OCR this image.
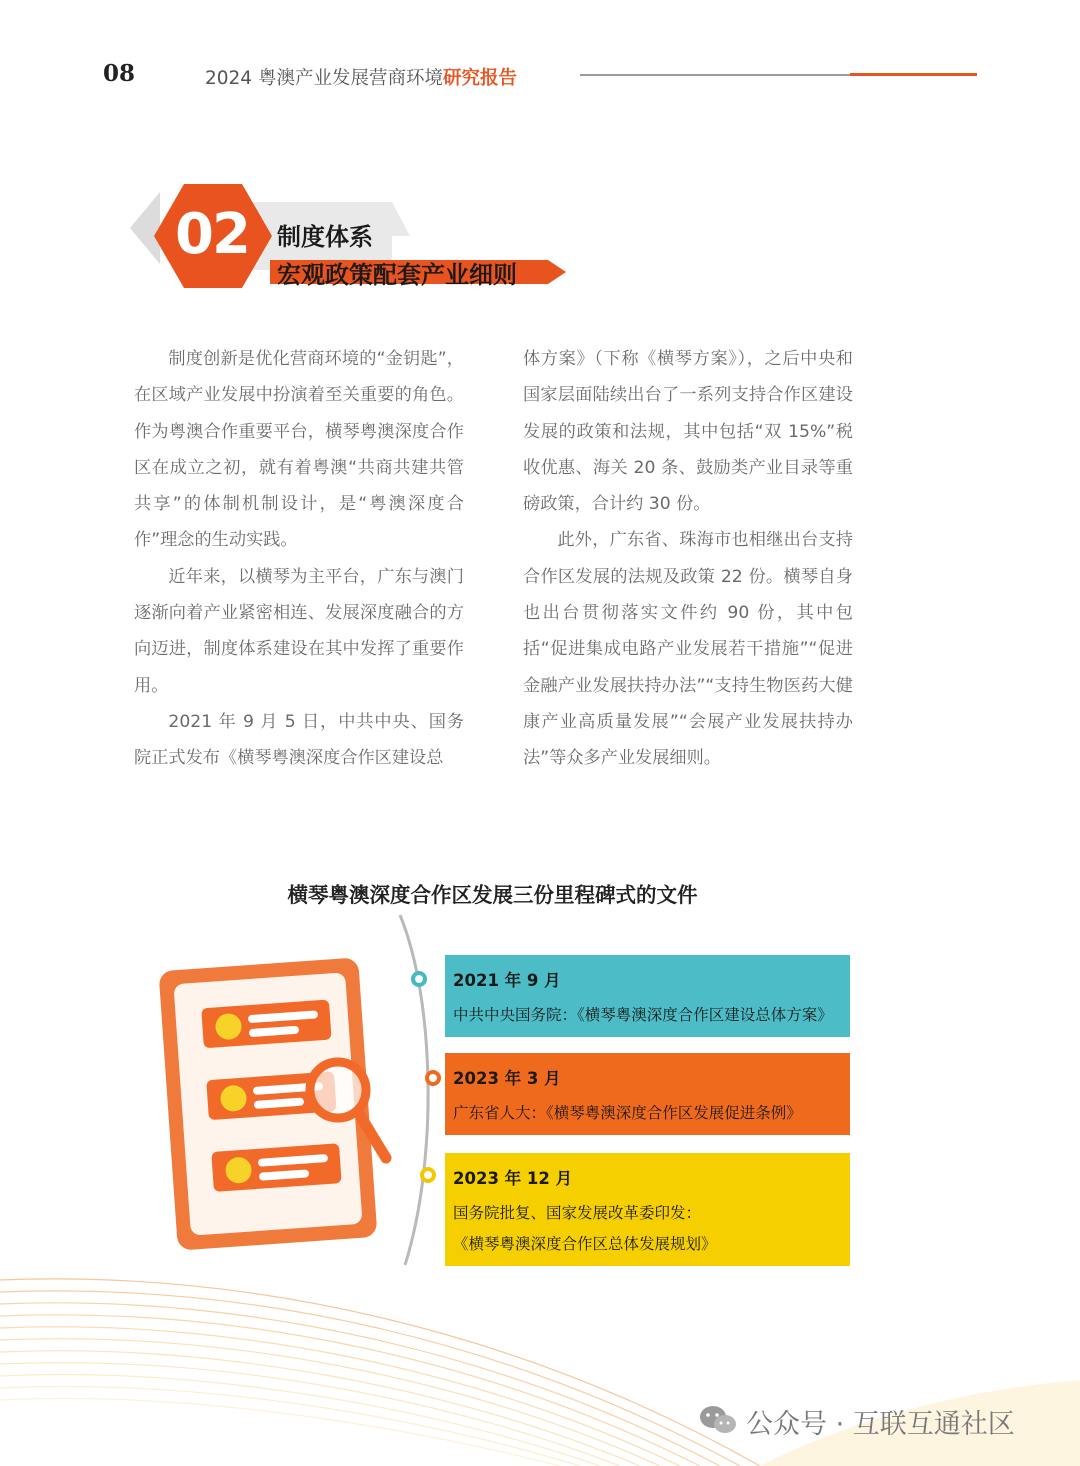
08	2024 粤澳产业发展营商环境研究报告
02 制度体系
宏观政策配套产业细则

制度创新是优化营商环境的“金钥匙”，在区域产业发展中扮演着至关重要的角色。作为粤澳合作重要平台，横琴粤澳深度合作区在成立之初，就有着粤澳“共商共建共管共享”的体制机制设计，是“粤澳深度合作”理念的生动实践。

近年来，以横琴为主平台，广东与澳门逐渐向着产业紧密相连、发展深度融合的方向迈进，制度体系建设在其中发挥了重要作用。

2021 年 9 月 5 日，中共中央、国务院正式发布《横琴粤澳深度合作区建设总

体方案》（下称《横琴方案》），之后中央和国家层面陆续出台了一系列支持合作区建设发展的政策和法规，其中包括“双 15%”税收优惠、海关 20 条、鼓励类产业目录等重磅政策，合计约 30 份。

此外，广东省、珠海市也相继出台支持合作区发展的法规及政策 22 份。横琴自身也出台贯彻落实文件约 90 份，其中包括“促进集成电路产业发展若干措施”“促进金融产业发展扶持办法”“支持生物医药大健康产业高质量发展”“会展产业发展扶持办法”等众多产业发展细则。

横琴粤澳深度合作区发展三份里程碑式的文件
2021 年 9 月
中共中央国务院：《横琴粤澳深度合作区建设总体方案》
2023 年 3 月
广东省人大：《横琴粤澳深度合作区发展促进条例》
2023 年 12 月
国务院批复、国家发展改革委印发：
《横琴粤澳深度合作区总体发展规划》
公众号 · 互联互通社区
